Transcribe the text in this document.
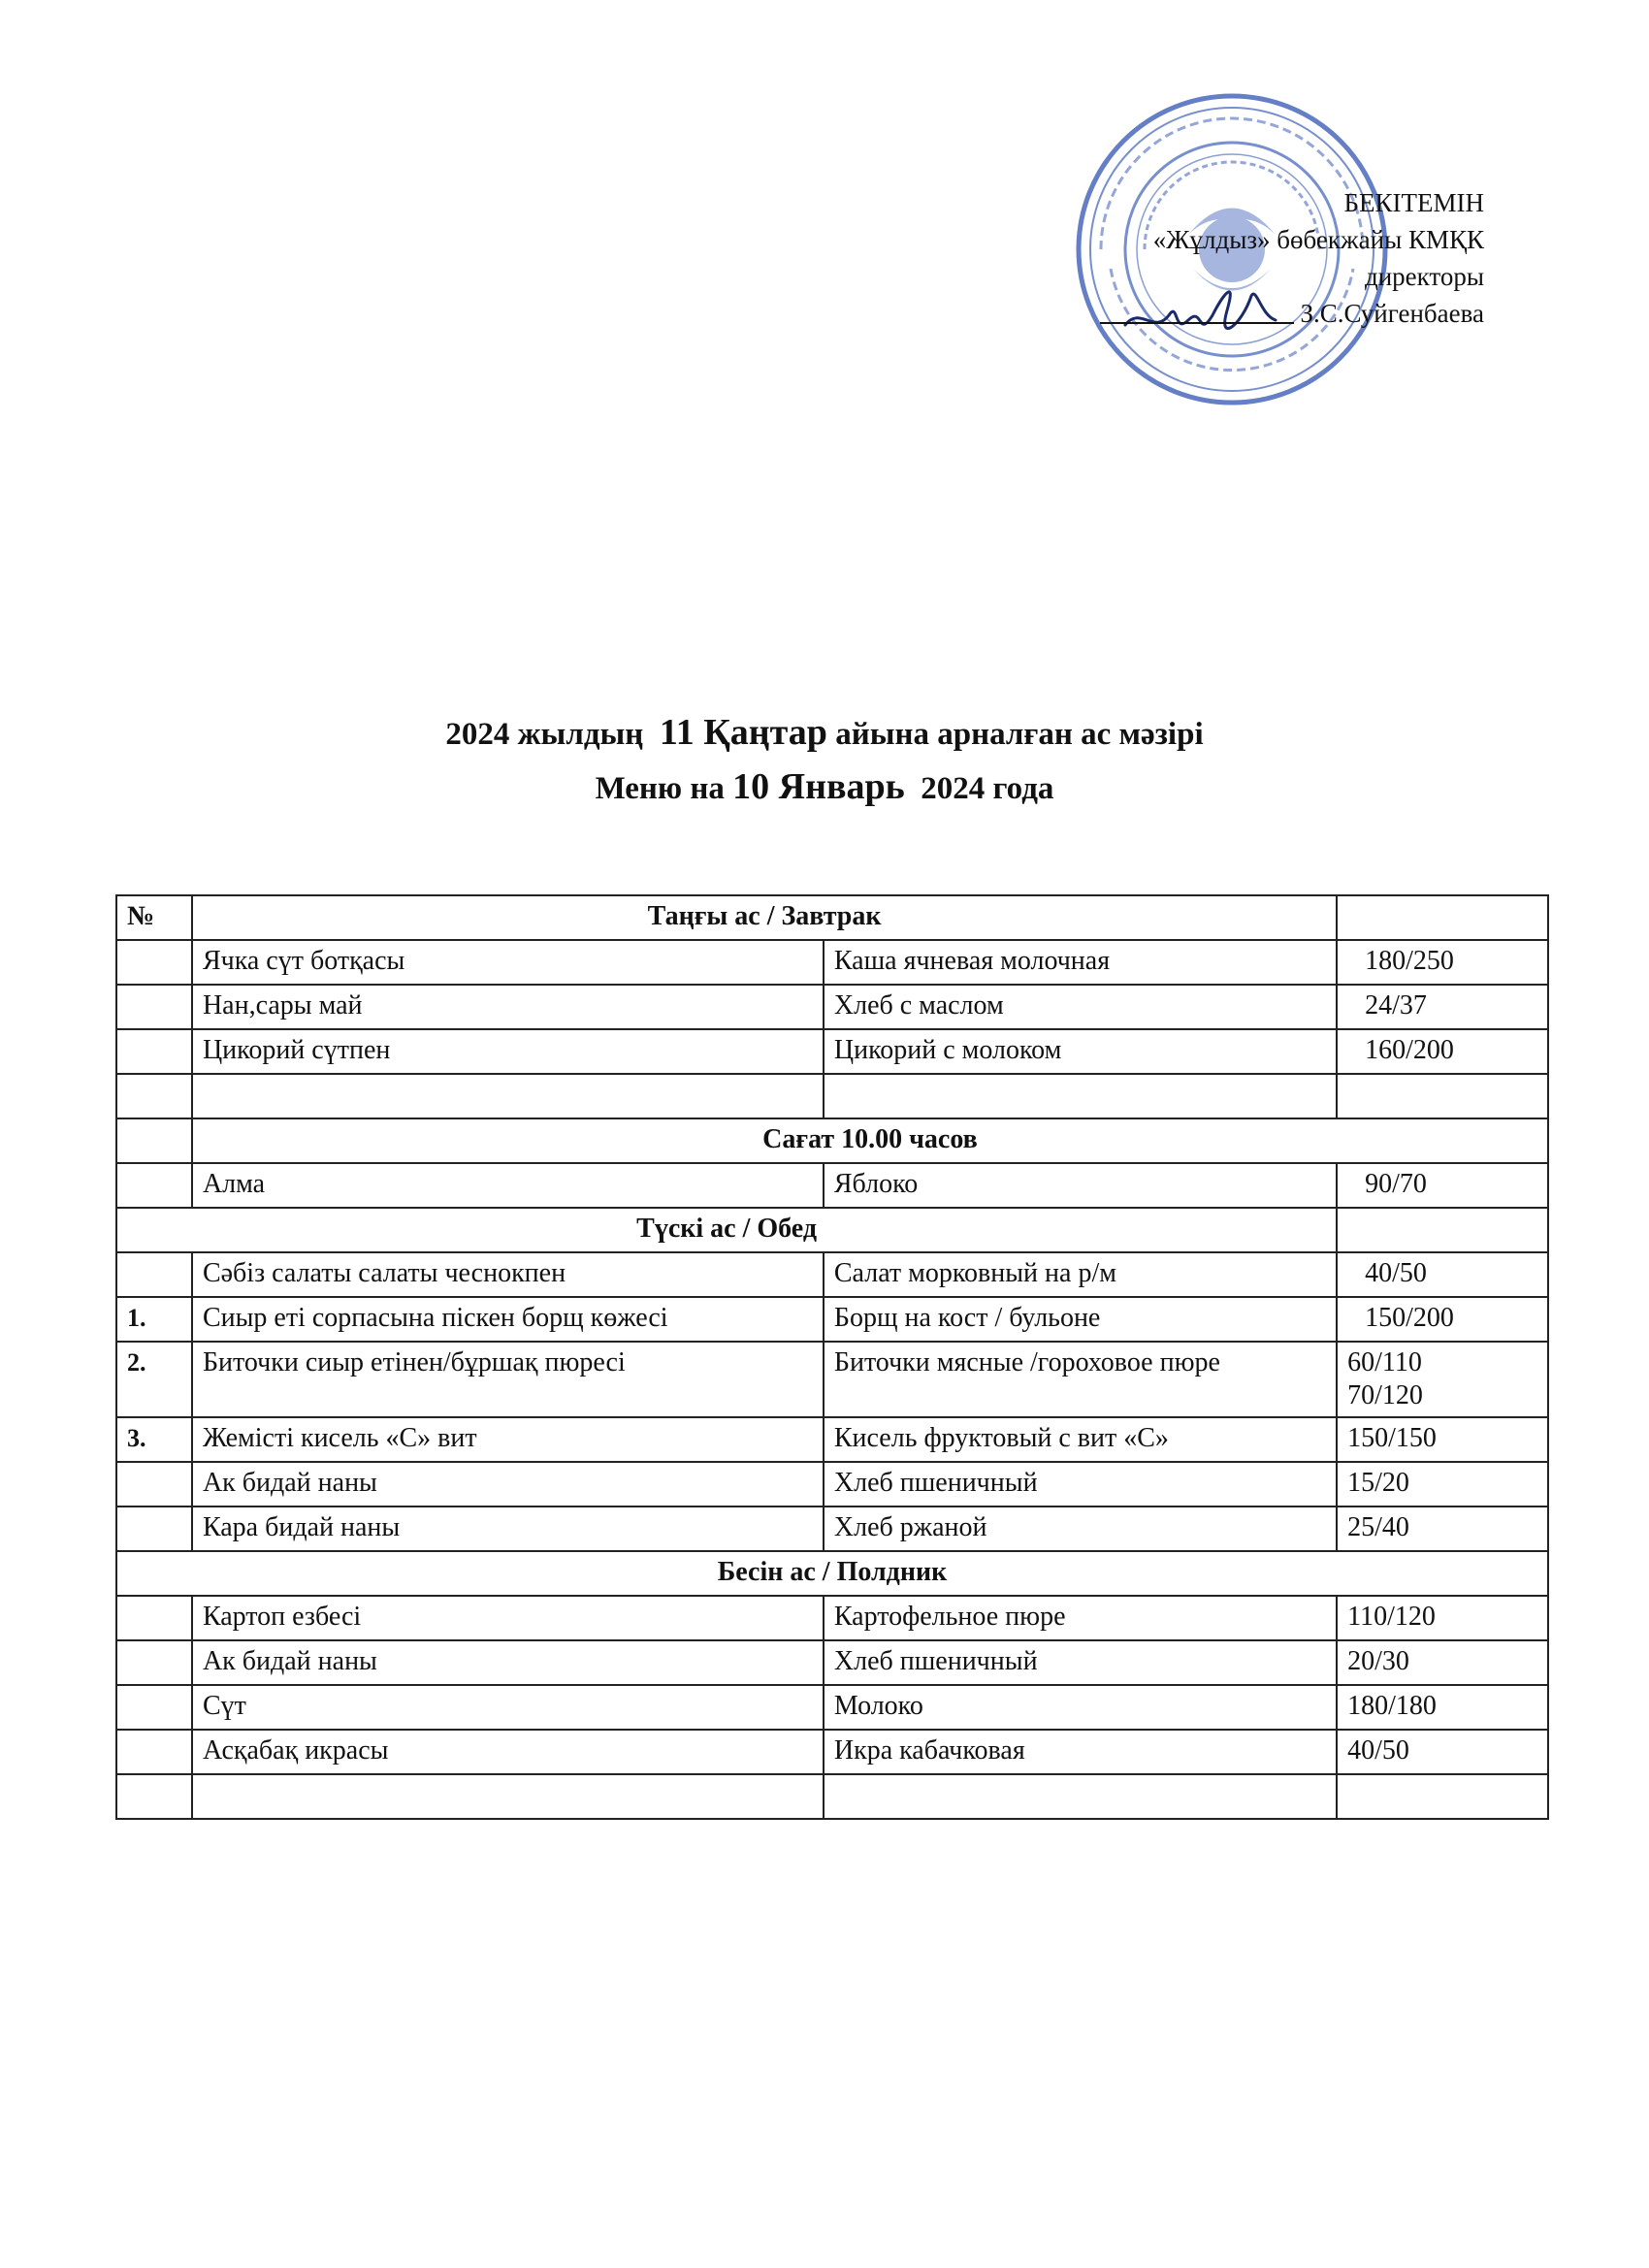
БЕКІТЕМІН
«Жұлдыз» бөбекжайы КМҚК
директоры
З.С.Суйгенбаева
2024 жылдың 11 Қаңтар айына арналған ас мәзірі
Меню на 10 Январь 2024 года
№	Таңғы ас / Завтрак		
	Ячка сүт ботқасы	Каша ячневая молочная	180/250
	Нан,сары май	Хлеб с маслом	24/37
	Цикорий сүтпен	Цикорий с молоком	160/200

	Сағат 10.00 часов		
	Алма	Яблоко	90/70
Түскі ас / Обед			
	Сәбіз салаты салаты чеснокпен	Салат морковный на р/м	40/50
1.	Сиыр еті сорпасына піскен борщ көжесі	Борщ на кост / бульоне	150/200
2.	Биточки сиыр етінен/бұршақ пюресі	Биточки мясные /гороховое пюре	60/110
70/120

3.	Жемісті кисель «С» вит	Кисель фруктовый с вит «С»	150/150
	Ак бидай наны	Хлеб пшеничный	15/20
	Кара бидай наны	Хлеб ржаной	25/40
Бесін ас / Полдник			
	Картоп езбесі	Картофельное пюре	110/120
	Ак бидай наны	Хлеб пшеничный	20/30
	Сүт	Молоко	180/180
	Асқабақ икрасы	Икра кабачковая	40/50
